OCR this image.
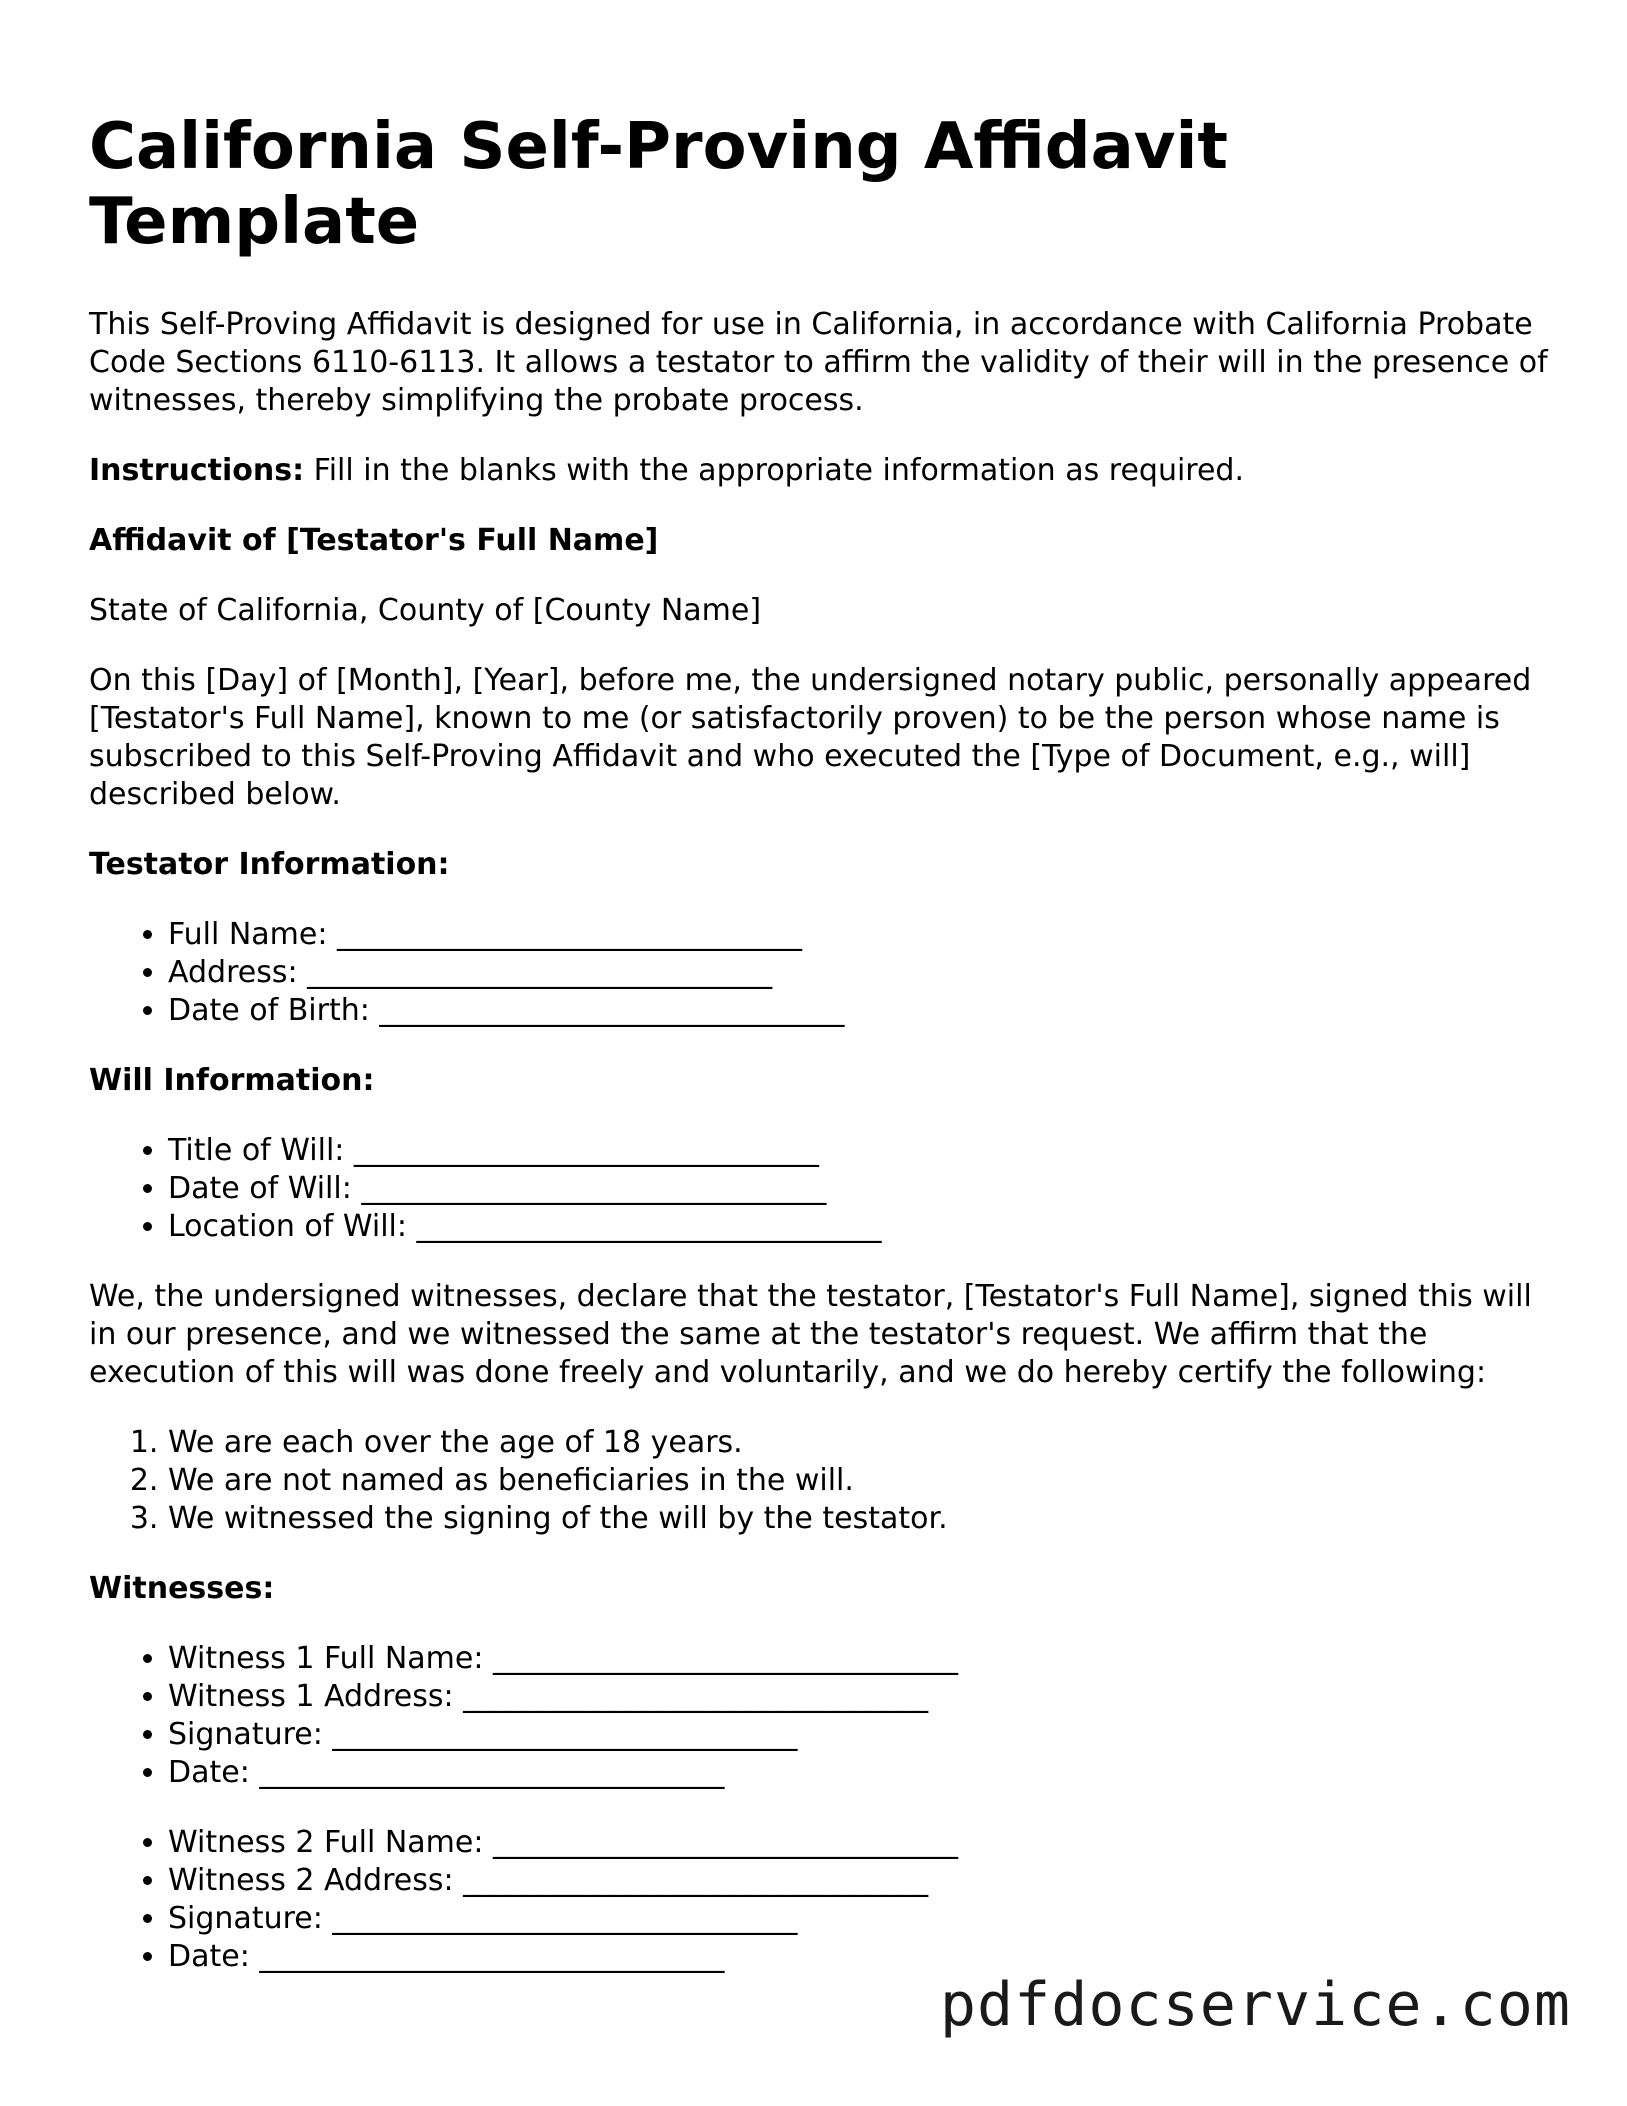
California Self-Proving Affidavit Template

This Self-Proving Affidavit is designed for use in California, in accordance with California Probate Code Sections 6110-6113. It allows a testator to affirm the validity of their will in the presence of witnesses, thereby simplifying the probate process.

Instructions: Fill in the blanks with the appropriate information as required.

Affidavit of [Testator's Full Name]

State of California, County of [County Name]

On this [Day] of [Month], [Year], before me, the undersigned notary public, personally appeared [Testator's Full Name], known to me (or satisfactorily proven) to be the person whose name is subscribed to this Self-Proving Affidavit and who executed the [Type of Document, e.g., will] described below.

Testator Information:

• Full Name: _______________________________
• Address: _______________________________
• Date of Birth: _______________________________

Will Information:

• Title of Will: _______________________________
• Date of Will: _______________________________
• Location of Will: _______________________________

We, the undersigned witnesses, declare that the testator, [Testator's Full Name], signed this will in our presence, and we witnessed the same at the testator's request. We affirm that the execution of this will was done freely and voluntarily, and we do hereby certify the following:

1. We are each over the age of 18 years.
2. We are not named as beneficiaries in the will.
3. We witnessed the signing of the will by the testator.

Witnesses:

• Witness 1 Full Name: _______________________________
• Witness 1 Address: _______________________________
• Signature: _______________________________
• Date: _______________________________
• Witness 2 Full Name: _______________________________
• Witness 2 Address: _______________________________
• Signature: _______________________________
• Date: _______________________________
pdfdocservice.com
